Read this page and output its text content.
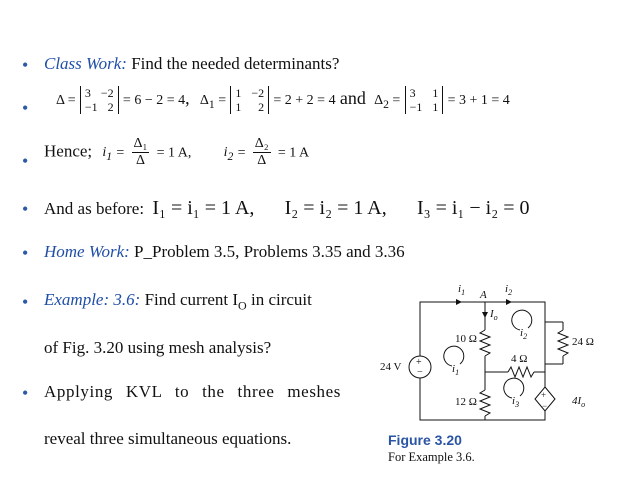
• Class Work: Find the needed determinants?
• Δ = 3 −2
−1 2 = 6 − 2 = 4, $\Delta_1 = 1 -2$
1 2 = 2 + 2 = 4 and $\Delta_2 = 3$ 1
−1 1 = 3 + 1 = 4
•
Hence; $i_1 = \frac{\text{Δ₁}}{\Delta} = 1$ A, $i_2 = \frac{\text{Δ₂}}{\Delta} = 1$ A
• And as before: I₁ = i₁ = 1 A, I₂ = i₂ = 1 A, I₃ = i₁ − i₂ = 0
• Home Work: P_Problem 3.5, Problems 3.35 and 3.36
• Example: 3.6: Find current $I_O$ in circuit
of Fig. 3.20 using mesh analysis?
• Applying KVL to the three meshes
reveal three simultaneous equations.
+
−
+
−
$i_1$ A $i_2$
$I_o$
$i_1$
$i_2$
$i_3$	$4I_o$
10 Ω	24 Ω
4 Ω
12 Ω
24 V
Figure 3.20
For Example 3.6.
